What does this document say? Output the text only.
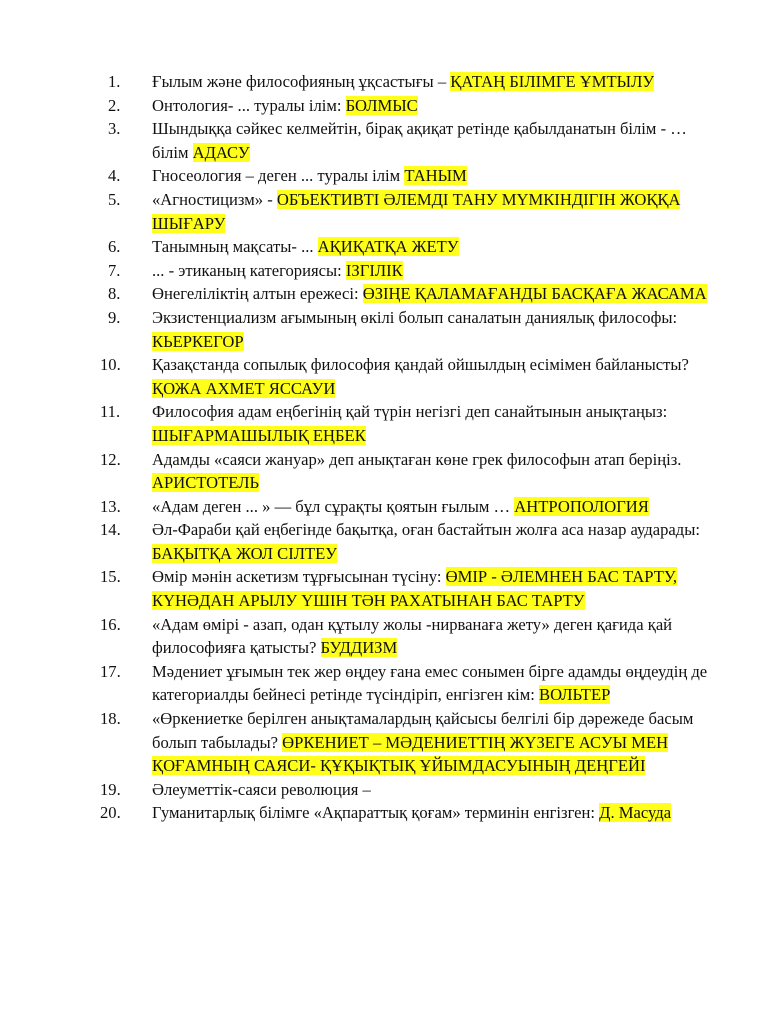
1.	Ғылым және философияның ұқсастығы – ҚАТАҢ БІЛІМГЕ ҰМТЫЛУ
2.	Онтология- ... туралы ілім: БОЛМЫС
3.	Шындыққа сәйкес келмейтін, бірақ ақиқат ретінде қабылданатын білім - … білім АДАСУ
4.	Гносеология – деген ... туралы ілім ТАНЫМ
5.	«Агностицизм» - ОБЪЕКТИВТІ ӘЛЕМДІ ТАНУ МҮМКІНДІГІН ЖОҚҚА ШЫҒАРУ
6.	Танымның мақсаты- ... АҚИҚАТҚА ЖЕТУ
7.	... - этиканың категориясы: ІЗГІЛІК
8.	Өнегеліліктің алтын ережесі: ӨЗІҢЕ ҚАЛАМАҒАНДЫ БАСҚАҒА ЖАСАМА
9.	Экзистенциализм ағымының өкілі болып саналатын даниялық философы: КЬЕРКЕГОР
10.	Қазақстанда сопылық философия қандай ойшылдың есімімен байланысты? ҚОЖА АХМЕТ ЯССАУИ
11.	Философия адам еңбегінің қай түрін негізгі деп санайтынын анықтаңыз: ШЫҒАРМАШЫЛЫҚ ЕҢБЕК
12.	Адамды «саяси жануар» деп анықтаған көне грек философын атап беріңіз. АРИСТОТЕЛЬ
13.	«Адам деген ... » — бұл сұрақты қоятын ғылым … АНТРОПОЛОГИЯ
14.	Әл-Фараби қай еңбегінде бақытқа, оған бастайтын жолға аса назар аударады: БАҚЫТҚА ЖОЛ СІЛТЕУ
15.	Өмір мәнін аскетизм тұрғысынан түсіну: ӨМІР - ӘЛЕМНЕН БАС ТАРТУ, КҮНӘДАН АРЫЛУ ҮШІН ТӘН РАХАТЫНАН БАС ТАРТУ
16.	«Адам өмірі - азап, одан құтылу жолы -нирванаға жету» деген қағида қай философияға қатысты? БУДДИЗМ
17.	Мәдениет ұғымын тек жер өңдеу ғана емес сонымен бірге адамды өңдеудің де категориалды бейнесі ретінде түсіндіріп, енгізген кім: ВОЛЬТЕР
18.	«Өркениетке берілген анықтамалардың қайсысы белгілі бір дәрежеде басым болып табылады? ӨРКЕНИЕТ – МӘДЕНИЕТТІҢ ЖҮЗЕГЕ АСУЫ МЕН ҚОҒАМНЫҢ САЯСИ- ҚҰҚЫҚТЫҚ ҰЙЫМДАСУЫНЫҢ ДЕҢГЕЙІ
19.	Әлеуметтік-саяси революция –
20.	Гуманитарлық білімге «Ақпараттық қоғам» терминін енгізген: Д. Масуда
